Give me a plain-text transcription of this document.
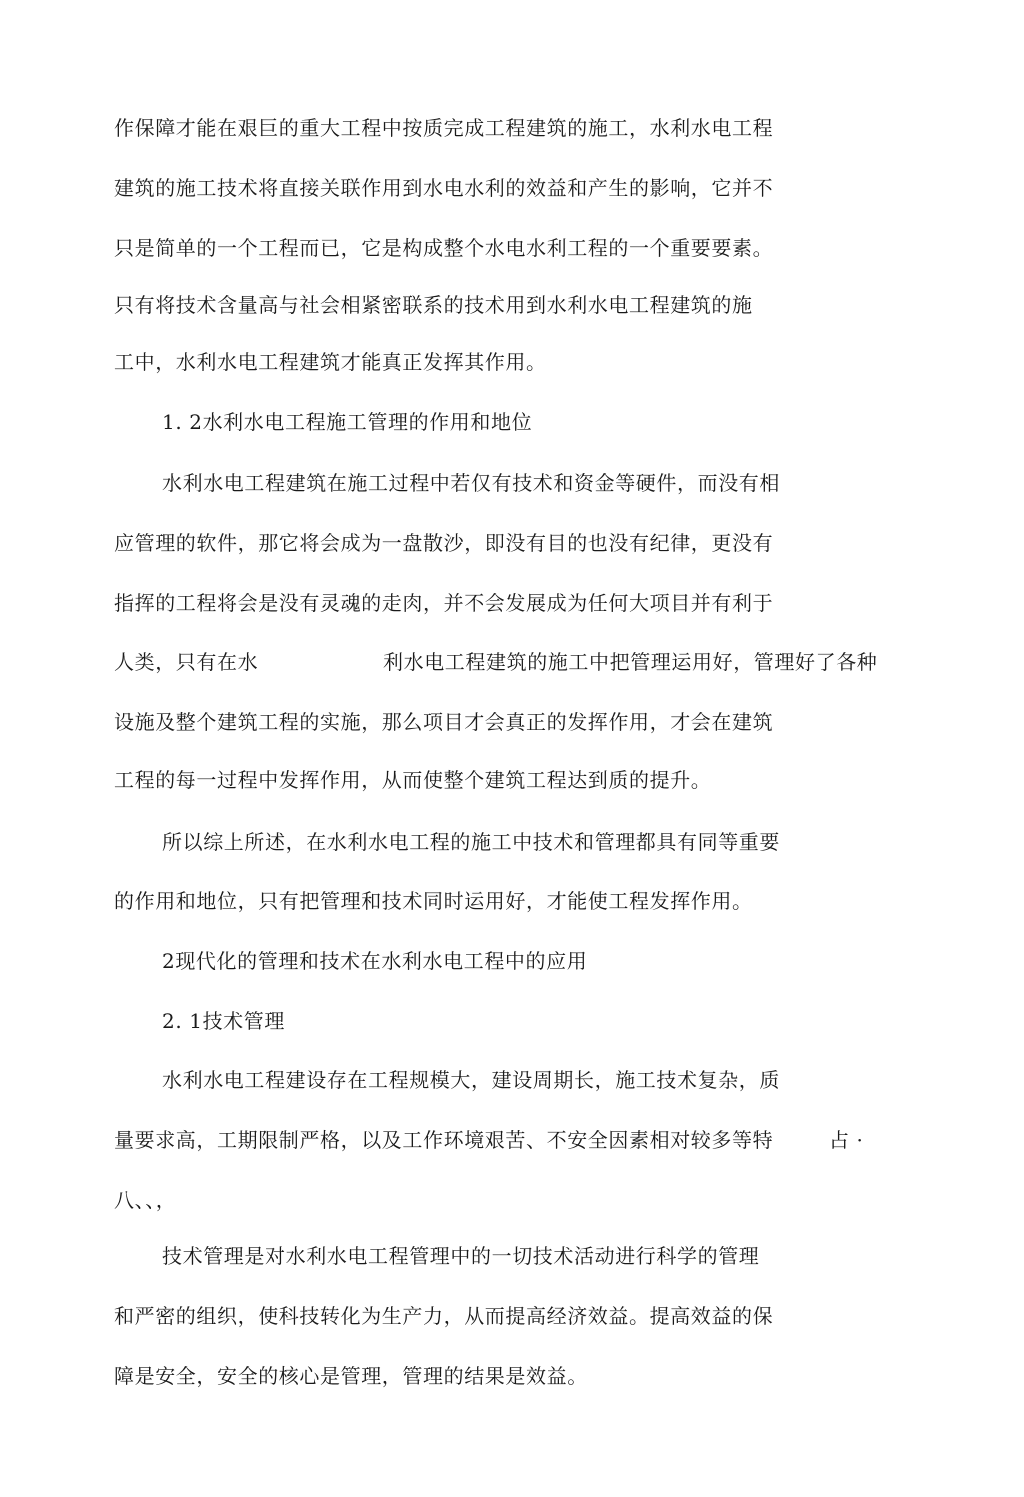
作保障才能在艰巨的重大工程中按质完成工程建筑的施工，水利水电工程
建筑的施工技术将直接关联作用到水电水利的效益和产生的影响，它并不
只是简单的一个工程而已，它是构成整个水电水利工程的一个重要要素。
只有将技术含量高与社会相紧密联系的技术用到水利水电工程建筑的施
工中，水利水电工程建筑才能真正发挥其作用。
1. 2水利水电工程施工管理的作用和地位
水利水电工程建筑在施工过程中若仅有技术和资金等硬件，而没有相
应管理的软件，那它将会成为一盘散沙，即没有目的也没有纪律，更没有
指挥的工程将会是没有灵魂的走肉，并不会发展成为任何大项目并有利于
人类，只有在水	利水电工程建筑的施工中把管理运用好，管理好了各种
设施及整个建筑工程的实施，那么项目才会真正的发挥作用，才会在建筑
工程的每一过程中发挥作用，从而使整个建筑工程达到质的提升。
所以综上所述，在水利水电工程的施工中技术和管理都具有同等重要
的作用和地位，只有把管理和技术同时运用好，才能使工程发挥作用。
2现代化的管理和技术在水利水电工程中的应用
2. 1技术管理
水利水电工程建设存在工程规模大，建设周期长，施工技术复杂，质
量要求高，工期限制严格，以及工作环境艰苦、不安全因素相对较多等特	占 ·
八、、，
技术管理是对水利水电工程管理中的一切技术活动进行科学的管理
和严密的组织，使科技转化为生产力，从而提高经济效益。提高效益的保
障是安全，安全的核心是管理，管理的结果是效益。
